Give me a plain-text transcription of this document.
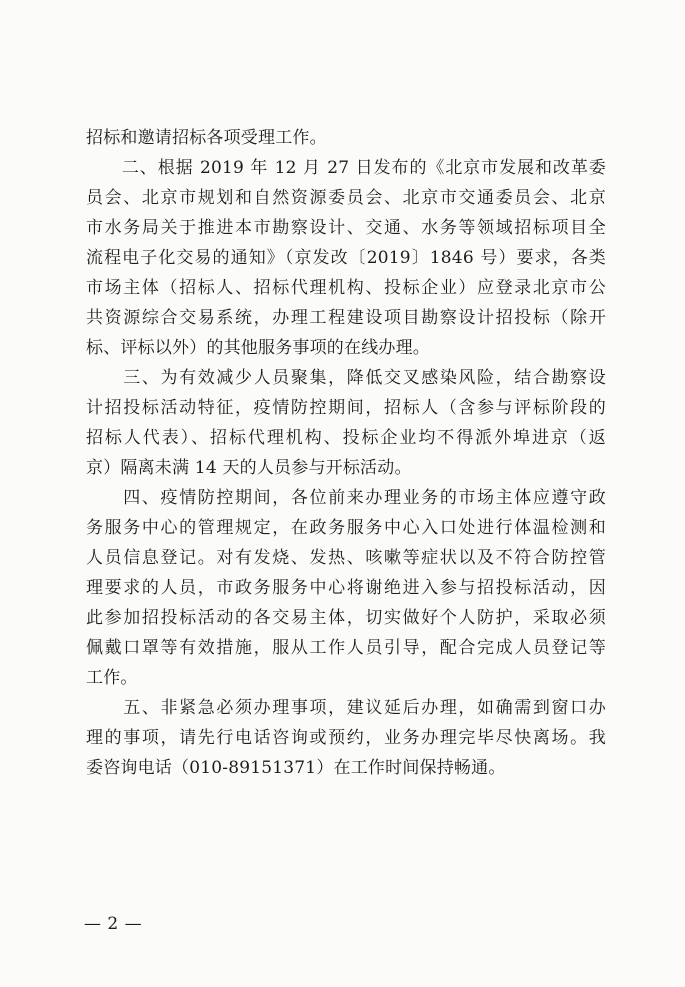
招标和邀请招标各项受理工作。
　　二、根据 2019 年 12 月 27 日发布的《北京市发展和改革委
员会、北京市规划和自然资源委员会、北京市交通委员会、北京
市水务局关于推进本市勘察设计、交通、水务等领域招标项目全
流程电子化交易的通知》（京发改〔2019〕1846 号）要求，各类
市场主体（招标人、招标代理机构、投标企业）应登录北京市公
共资源综合交易系统，办理工程建设项目勘察设计招投标（除开
标、评标以外）的其他服务事项的在线办理。
　　三、为有效减少人员聚集，降低交叉感染风险，结合勘察设
计招投标活动特征，疫情防控期间，招标人（含参与评标阶段的
招标人代表）、招标代理机构、投标企业均不得派外埠进京（返
京）隔离未满 14 天的人员参与开标活动。
　　四、疫情防控期间，各位前来办理业务的市场主体应遵守政
务服务中心的管理规定，在政务服务中心入口处进行体温检测和
人员信息登记。对有发烧、发热、咳嗽等症状以及不符合防控管
理要求的人员，市政务服务中心将谢绝进入参与招投标活动，因
此参加招投标活动的各交易主体，切实做好个人防护，采取必须
佩戴口罩等有效措施，服从工作人员引导，配合完成人员登记等
工作。
　　五、非紧急必须办理事项，建议延后办理，如确需到窗口办
理的事项，请先行电话咨询或预约，业务办理完毕尽快离场。我
委咨询电话（010-89151371）在工作时间保持畅通。
— 2 —
